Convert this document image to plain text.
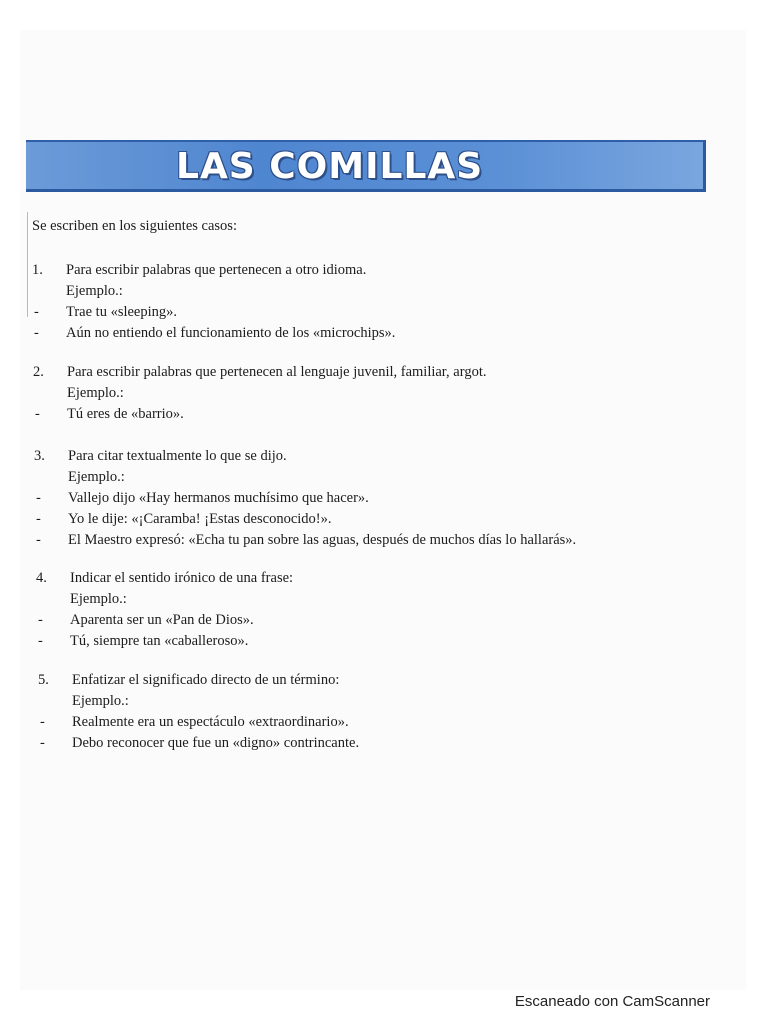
LAS COMILLAS
Se escriben en los siguientes casos:
1.	Para escribir palabras que pertenecen a otro idioma.
Ejemplo.:
-	Trae tu «sleeping».
-	Aún no entiendo el funcionamiento de los «microchips».
2.	Para escribir palabras que pertenecen al lenguaje juvenil, familiar, argot.
Ejemplo.:
-	Tú eres de «barrio».
3.	Para citar textualmente lo que se dijo.
Ejemplo.:
-	Vallejo dijo «Hay hermanos muchísimo que hacer».
-	Yo le dije: «¡Caramba! ¡Estas desconocido!».
-	El Maestro expresó: «Echa tu pan sobre las aguas, después de muchos días lo hallarás».
4.	Indicar el sentido irónico de una frase:
Ejemplo.:
-	Aparenta ser un «Pan de Dios».
-	Tú, siempre tan «caballeroso».
5.	Enfatizar el significado directo de un término:
Ejemplo.:
-	Realmente era un espectáculo «extraordinario».
-	Debo reconocer que fue un «digno» contrincante.
Escaneado con CamScanner
